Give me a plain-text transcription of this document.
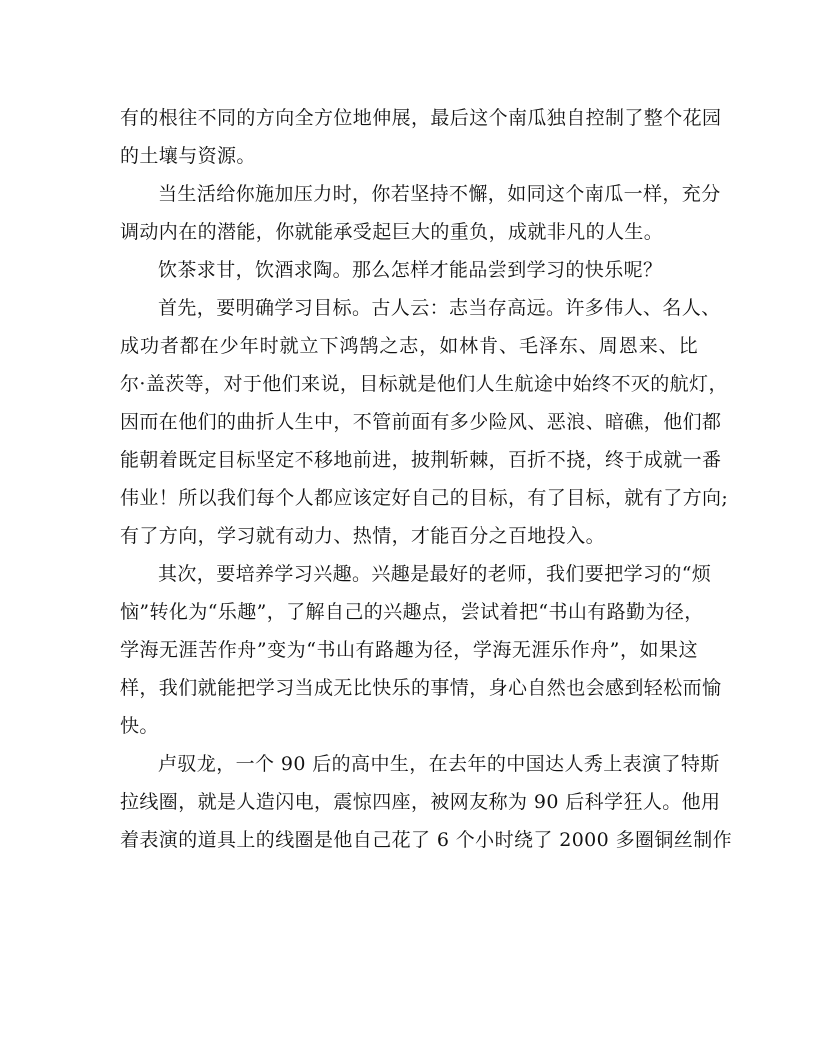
有的根往不同的方向全方位地伸展，最后这个南瓜独自控制了整个花园
的土壤与资源。
当生活给你施加压力时，你若坚持不懈，如同这个南瓜一样，充分
调动内在的潜能，你就能承受起巨大的重负，成就非凡的人生。
饮茶求甘，饮酒求陶。那么怎样才能品尝到学习的快乐呢？
首先，要明确学习目标。古人云：志当存高远。许多伟人、名人、
成功者都在少年时就立下鸿鹄之志，如林肯、毛泽东、周恩来、比
尔·盖茨等，对于他们来说，目标就是他们人生航途中始终不灭的航灯，
因而在他们的曲折人生中，不管前面有多少险风、恶浪、暗礁，他们都
能朝着既定目标坚定不移地前进，披荆斩棘，百折不挠，终于成就一番
伟业！所以我们每个人都应该定好自己的目标，有了目标，就有了方向;
有了方向，学习就有动力、热情，才能百分之百地投入。
其次，要培养学习兴趣。兴趣是最好的老师，我们要把学习的“烦
恼”转化为“乐趣”，了解自己的兴趣点，尝试着把“书山有路勤为径，
学海无涯苦作舟”变为“书山有路趣为径，学海无涯乐作舟”，如果这
样，我们就能把学习当成无比快乐的事情，身心自然也会感到轻松而愉
快。
卢驭龙，一个 90 后的高中生，在去年的中国达人秀上表演了特斯
拉线圈，就是人造闪电，震惊四座，被网友称为 90 后科学狂人。他用
着表演的道具上的线圈是他自己花了 6 个小时绕了 2000 多圈铜丝制作
